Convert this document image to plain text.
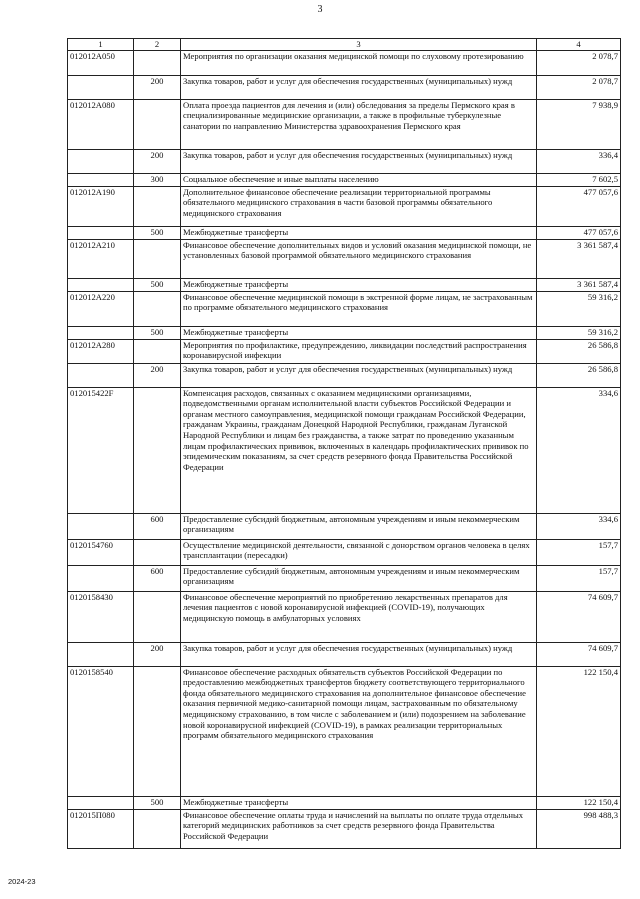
3
1	2	3	4
012012А050		Мероприятия по организации оказания медицинской помощи по слуховому протезированию	2 078,7
	200	Закупка товаров, работ и услуг для обеспечения государственных (муниципальных) нужд	2 078,7
012012А080		Оплата проезда пациентов для лечения и (или) обследования за пределы Пермского края в специализированные медицинские организации, а также в профильные туберкулезные санатории по направлению Министерства здравоохранения Пермского края	7 938,9
	200	Закупка товаров, работ и услуг для обеспечения государственных (муниципальных) нужд	336,4
	300	Социальное обеспечение и иные выплаты населению	7 602,5
012012А190		Дополнительное финансовое обеспечение реализации территориальной программы обязательного медицинского страхования в части базовой программы обязательного медицинского страхования	477 057,6
	500	Межбюджетные трансферты	477 057,6
012012А210		Финансовое обеспечение дополнительных видов и условий оказания медицинской помощи, не установленных базовой программой обязательного медицинского страхования	3 361 587,4
	500	Межбюджетные трансферты	3 361 587,4
012012А220		Финансовое обеспечение медицинской помощи в экстренной форме лицам, не застрахованным по программе обязательного медицинского страхования	59 316,2
	500	Межбюджетные трансферты	59 316,2
012012А280		Мероприятия по профилактике, предупреждению, ликвидации последствий распространения коронавирусной инфекции	26 586,8
	200	Закупка товаров, работ и услуг для обеспечения государственных (муниципальных) нужд	26 586,8
012015422F		Компенсация расходов, связанных с оказанием медицинскими организациями, подведомственными органам исполнительной власти субъектов Российской Федерации и органам местного самоуправления, медицинской помощи гражданам Российской Федерации, гражданам Украины, гражданам Донецкой Народной Республики, гражданам Луганской Народной Республики и лицам без гражданства, а также затрат по проведению указанным лицам профилактических прививок, включенных в календарь профилактических прививок по эпидемическим показаниям, за счет средств резервного фонда Правительства Российской Федерации	334,6
	600	Предоставление субсидий бюджетным, автономным учреждениям и иным некоммерческим организациям	334,6
0120154760		Осуществление медицинской деятельности, связанной с донорством органов человека в целях трансплантации (пересадки)	157,7
	600	Предоставление субсидий бюджетным, автономным учреждениям и иным некоммерческим организациям	157,7
0120158430		Финансовое обеспечение мероприятий по приобретению лекарственных препаратов для лечения пациентов с новой коронавирусной инфекцией (COVID-19), получающих медицинскую помощь в амбулаторных условиях	74 609,7
	200	Закупка товаров, работ и услуг для обеспечения государственных (муниципальных) нужд	74 609,7
0120158540		Финансовое обеспечение расходных обязательств субъектов Российской Федерации по предоставлению межбюджетных трансфертов бюджету соответствующего территориального фонда обязательного медицинского страхования на дополнительное финансовое обеспечение оказания первичной медико-санитарной помощи лицам, застрахованным по обязательному медицинскому страхованию, в том числе с заболеванием и (или) подозрением на заболевание новой коронавирусной инфекцией (COVID-19), в рамках реализации территориальных программ обязательного медицинского страхования	122 150,4
	500	Межбюджетные трансферты	122 150,4
012015П080		Финансовое обеспечение оплаты труда и начислений на выплаты по оплате труда отдельных категорий медицинских работников за счет средств резервного фонда Правительства Российской Федерации	998 488,3
2024-23
